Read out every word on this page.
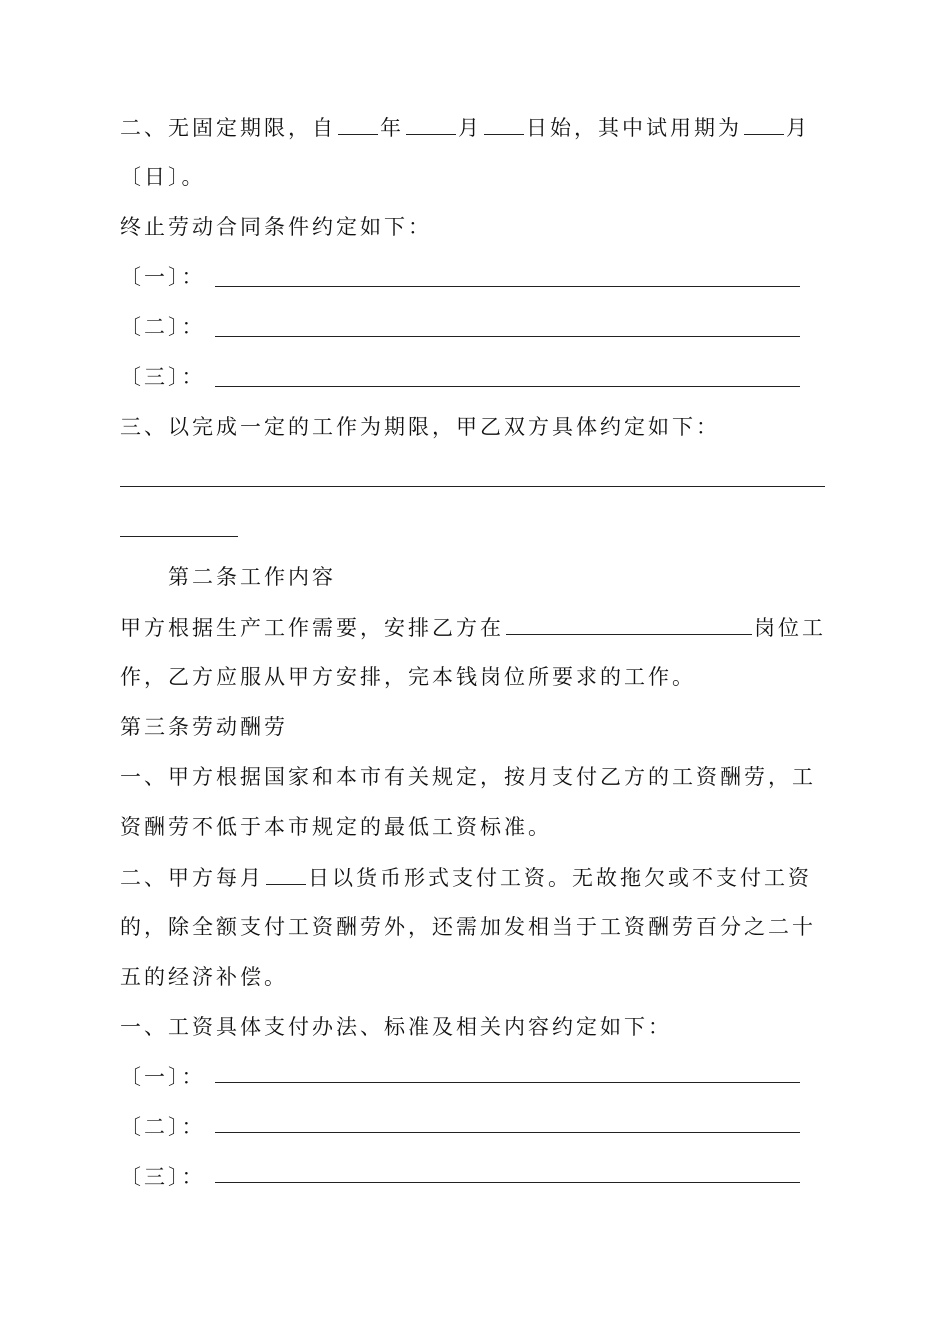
二、无固定期限，自 年	月 日始，其中试用期为 月
〔日〕。
终止劳动合同条件约定如下：
〔一〕：
〔二〕：
〔三〕：
三、以完成一定的工作为期限，甲乙双方具体约定如下：
第二条工作内容
甲方根据生产工作需要，安排乙方在	岗位工
作，乙方应服从甲方安排，完本钱岗位所要求的工作。
第三条劳动酬劳
一、甲方根据国家和本市有关规定，按月支付乙方的工资酬劳，工
资酬劳不低于本市规定的最低工资标准。
二、甲方每月 日以货币形式支付工资。无故拖欠或不支付工资
的，除全额支付工资酬劳外，还需加发相当于工资酬劳百分之二十
五的经济补偿。
一、工资具体支付办法、标准及相关内容约定如下：
〔一〕：
〔二〕：
〔三〕：
